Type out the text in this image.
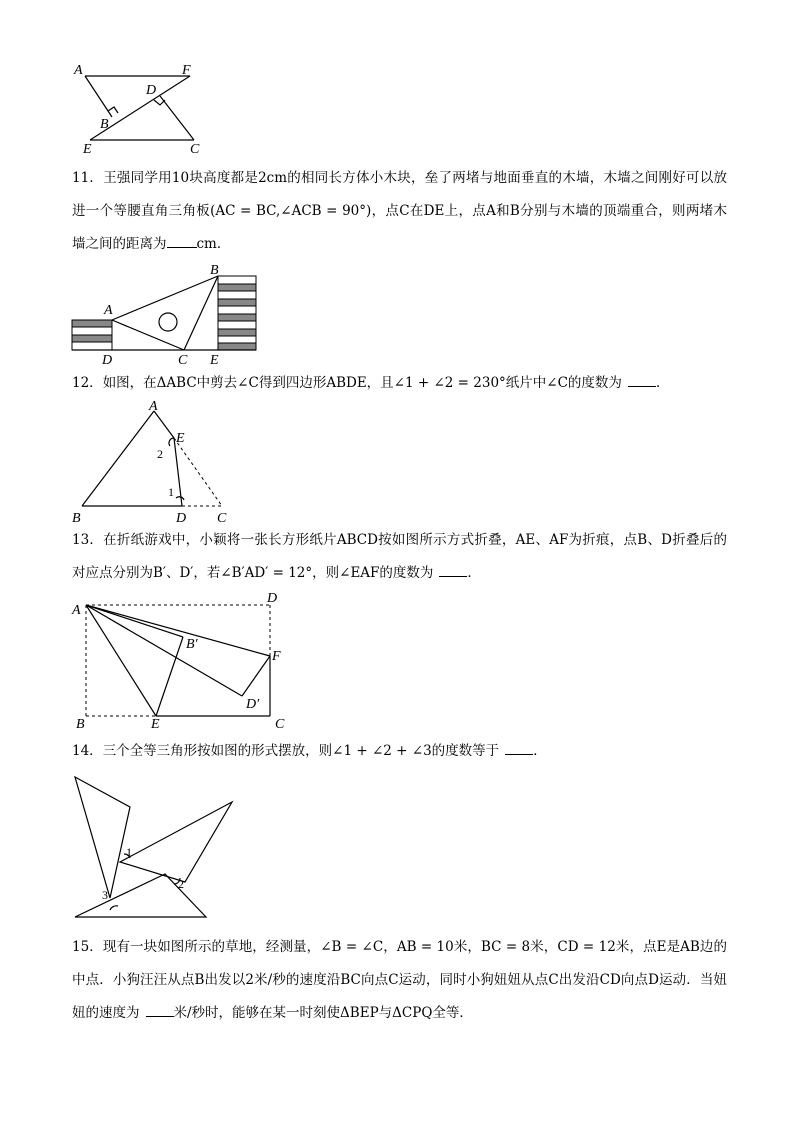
A	F
D
B
E	C

11．王强同学用10块高度都是2cm的相同长方体小木块，垒了两堵与地面垂直的木墙，木墙之间刚好可以放进一个等腰直角三角板(AC = BC,∠ACB = 90°)，点C在DE上，点A和B分别与木墙的顶端重合，则两堵木墙之间的距离为 cm．

A
B
D	C E

12．如图，在ΔABC中剪去∠C得到四边形ABDE，且∠1 + ∠2 = 230°纸片中∠C的度数为	．

A
E
2
1
B	D C

13．在折纸游戏中，小颖将一张长方形纸片ABCD按如图所示方式折叠，AE、AF为折痕，点B、D折叠后的对应点分别为B′、D′，若∠B′AD′ = 12°，则∠EAF的度数为	．

A
D
B′
F
D′
B	E	C

14．三个全等三角形按如图的形式摆放，则∠1 + ∠2 + ∠3的度数等于	．

1
2
3

15．现有一块如图所示的草地，经测量，∠B = ∠C，AB = 10米，BC = 8米，CD = 12米，点E是AB边的中点．小狗汪汪从点B出发以2米/秒的速度沿BC向点C运动，同时小狗妞妞从点C出发沿CD向点D运动．当妞妞的速度为	米/秒时，能够在某一时刻使ΔBEP与ΔCPQ全等．
